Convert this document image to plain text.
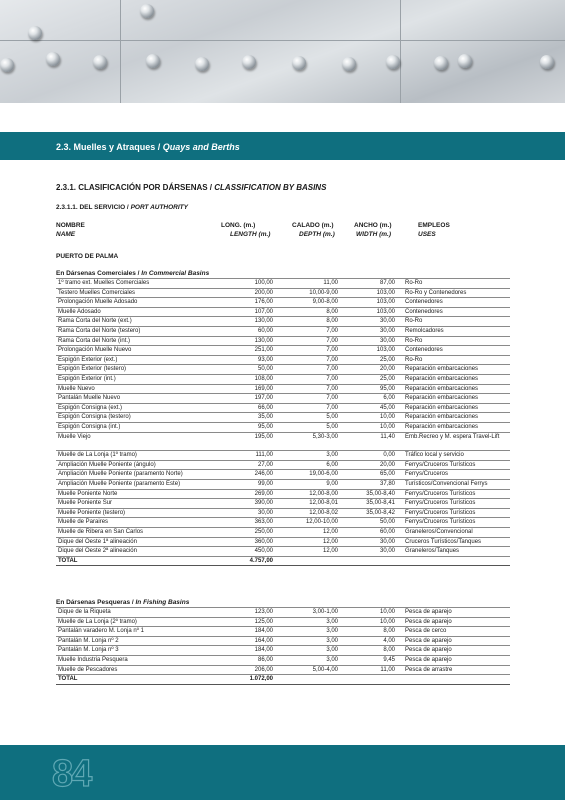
2.3. Muelles y Atraques / Quays and Berths
2.3.1. CLASIFICACIÓN POR DÁRSENAS / CLASSIFICATION BY BASINS
2.3.1.1. DEL SERVICIO / PORT AUTHORITY
NOMBRE	LONG. (m.)	CALADO (m.)	ANCHO (m.)	EMPLEOS
NAME	LENGTH (m.)	DEPTH (m.)	WIDTH (m.)	USES
PUERTO DE PALMA
En Dársenas Comerciales / In Commercial Basins
1º tramo ext. Muelles Comerciales	100,00	11,00	87,00	Ro-Ro
Testero Muelles Comerciales	200,00	10,00-9,00	103,00	Ro-Ro y Contenedores
Prolongación Muelle Adosado	176,00	9,00-8,00	103,00	Contenedores
Muelle Adosado	107,00	8,00	103,00	Contenedores
Rama Corta del Norte (ext.)	130,00	8,00	30,00	Ro-Ro
Rama Corta del Norte (testero)	60,00	7,00	30,00	Remolcadores
Rama Corta del Norte (int.)	130,00	7,00	30,00	Ro-Ro
Prolongación Muelle Nuevo	251,00	7,00	103,00	Contenedores
Espigón Exterior (ext.)	93,00	7,00	25,00	Ro-Ro
Espigón Exterior (testero)	50,00	7,00	20,00	Reparación embarcaciones
Espigón Exterior (int.)	108,00	7,00	25,00	Reparación embarcaciones
Muelle Nuevo	169,00	7,00	95,00	Reparación embarcaciones
Pantalán Muelle Nuevo	197,00	7,00	6,00	Reparación embarcaciones
Espigón Consigna (ext.)	66,00	7,00	45,00	Reparación embarcaciones
Espigón Consigna (testero)	35,00	5,00	10,00	Reparación embarcaciones
Espigón Consigna (int.)	95,00	5,00	10,00	Reparación embarcaciones
Muelle Viejo	195,00	5,30-3,00	11,40	Emb.Recreo y M. espera Travel-Lift
Muelle de La Lonja (1º tramo)	111,00	3,00	0,00	Tráfico local y servicio
Ampliación Muelle Poniente (ángulo)	27,00	6,00	20,00	Ferrys/Cruceros Turísticos
Ampliación Muelle Poniente (paramento Norte)	246,00	19,00-6,00	65,00	Ferrys/Cruceros
Ampliación Muelle Poniente (paramento Este)	99,00	9,00	37,80	Turísticos/Convencional Ferrys
Muelle Poniente Norte	269,00	12,00-8,00	35,00-8,40	Ferrys/Cruceros Turísticos
Muelle Poniente Sur	390,00	12,00-8,01	35,00-8,41	Ferrys/Cruceros Turísticos
Muelle Poniente (testero)	30,00	12,00-8,02	35,00-8,42	Ferrys/Cruceros Turísticos
Muelle de Paraires	363,00	12,00-10,00	50,00	Ferrys/Cruceros Turísticos
Muelle de Ribera en San Carlos	250,00	12,00	60,00	Graneleros/Convencional
Dique del Oeste 1ª alineación	360,00	12,00	30,00	Cruceros Turísticos/Tanques
Dique del Oeste 2ª alineación	450,00	12,00	30,00	Graneleros/Tanques
TOTAL	4.757,00			
En Dársenas Pesqueras / In Fishing Basins
Dique de la Riqueta	123,00	3,00-1,00	10,00	Pesca de aparejo
Muelle de La Lonja (2º tramo)	125,00	3,00	10,00	Pesca de aparejo
Pantalán varadero M. Lonja nº 1	184,00	3,00	8,00	Pesca de cerco
Pantalán M. Lonja nº 2	164,00	3,00	4,00	Pesca de aparejo
Pantalán M. Lonja nº 3	184,00	3,00	8,00	Pesca de aparejo
Muelle Industria Pesquera	86,00	3,00	9,45	Pesca de aparejo
Muelle de Pescadores	206,00	5,00-4,00	11,00	Pesca de arrastre
TOTAL	1.072,00			
84
